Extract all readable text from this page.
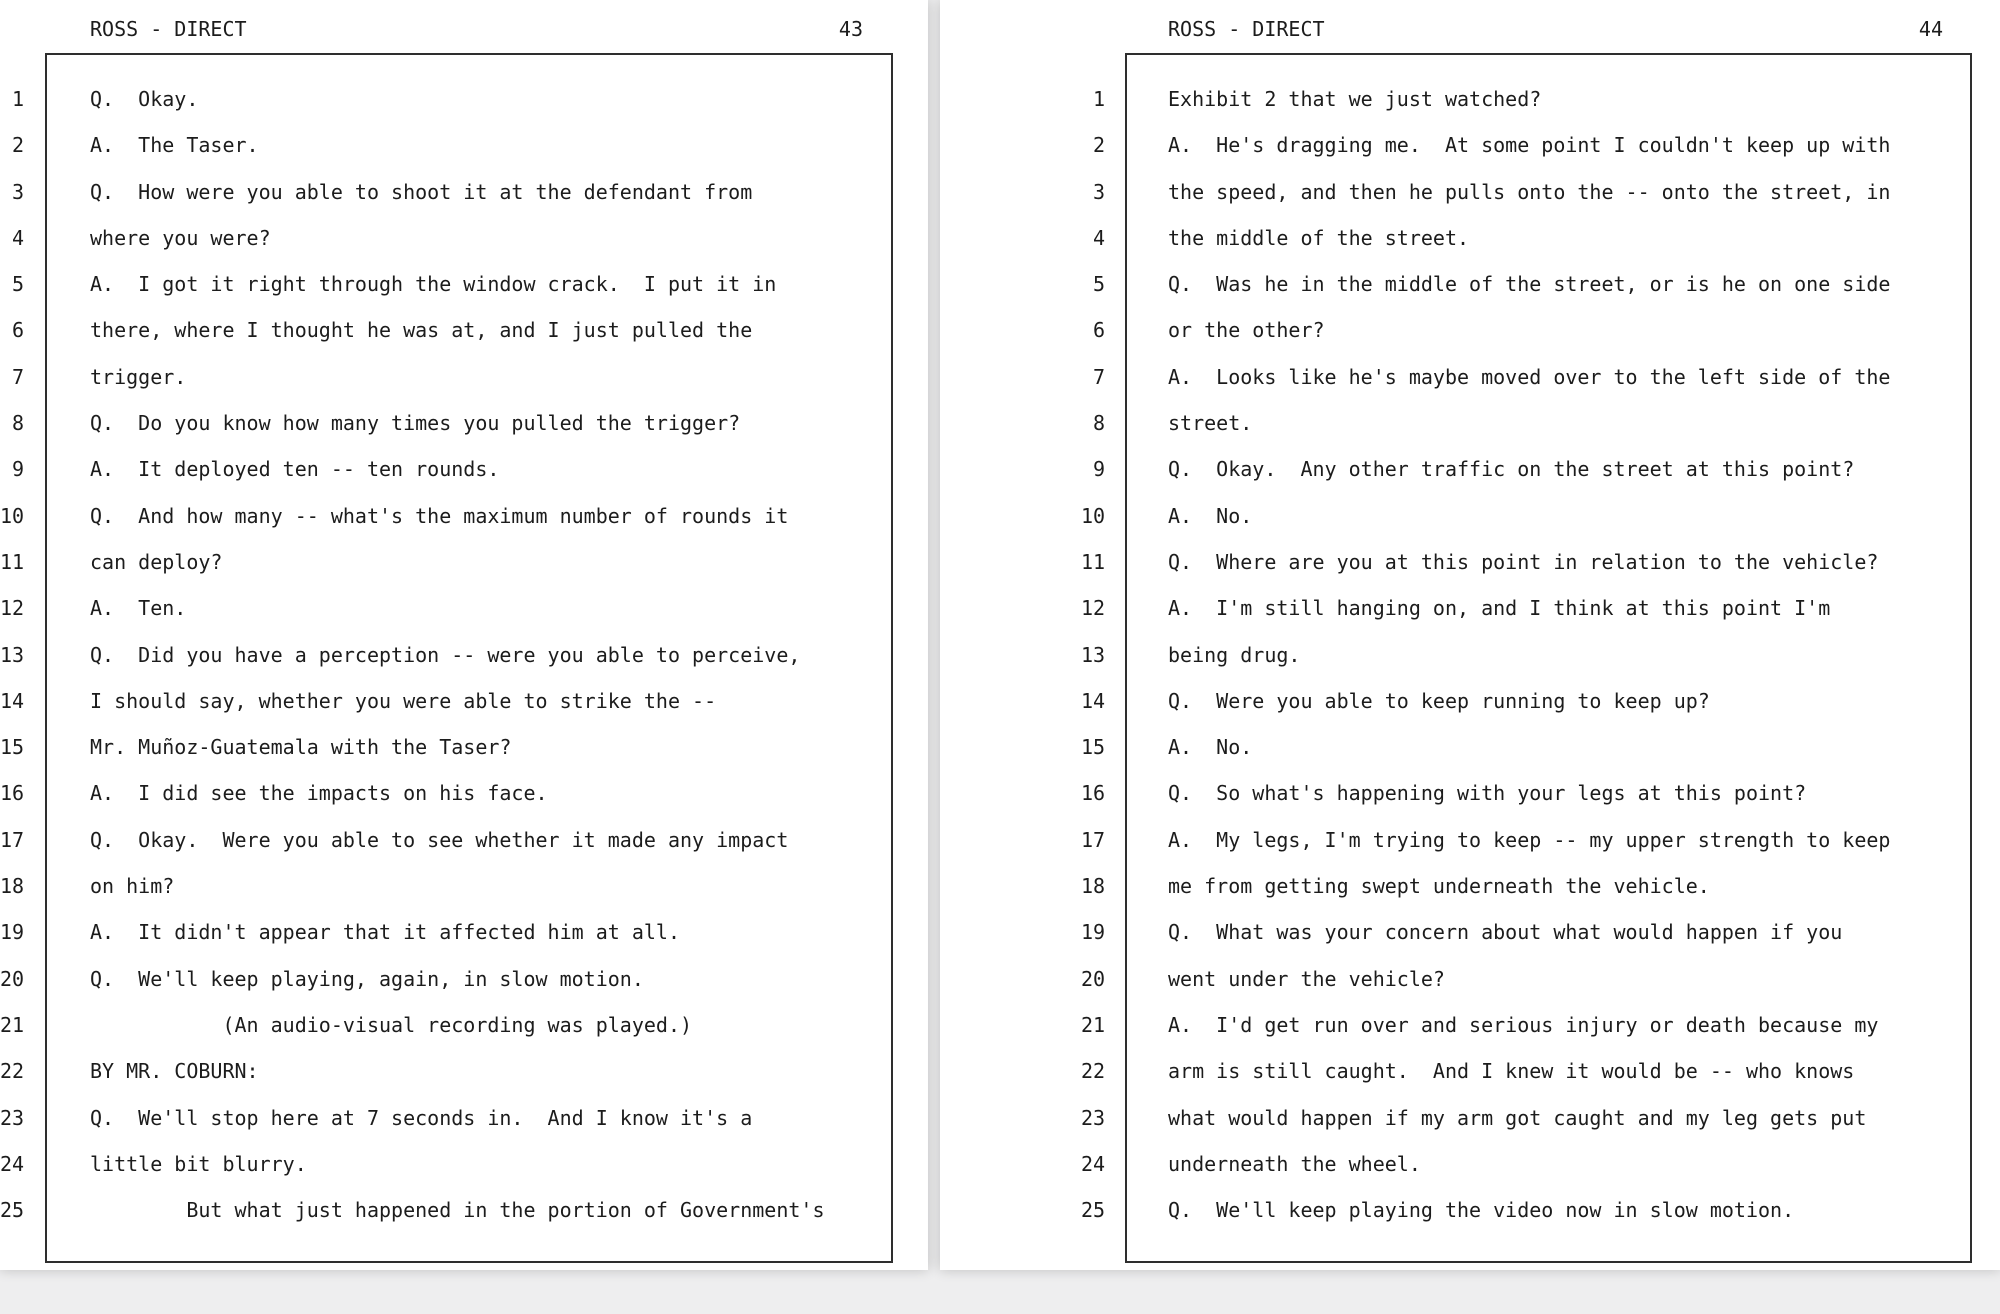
ROSS - DIRECT	43
1	Q.  Okay.
2	A.  The Taser.
3	Q.  How were you able to shoot it at the defendant from
4	where you were?
5	A.  I got it right through the window crack.  I put it in
6	there, where I thought he was at, and I just pulled the
7	trigger.
8	Q.  Do you know how many times you pulled the trigger?
9	A.  It deployed ten -- ten rounds.
10	Q.  And how many -- what's the maximum number of rounds it
11	can deploy?
12	A.  Ten.
13	Q.  Did you have a perception -- were you able to perceive,
14	I should say, whether you were able to strike the --
15	Mr. Muñoz-Guatemala with the Taser?
16	A.  I did see the impacts on his face.
17	Q.  Okay.  Were you able to see whether it made any impact
18	on him?
19	A.  It didn't appear that it affected him at all.
20	Q.  We'll keep playing, again, in slow motion.
21	(An audio-visual recording was played.)
22	BY MR. COBURN:
23	Q.  We'll stop here at 7 seconds in.  And I know it's a
24	little bit blurry.
25	But what just happened in the portion of Government's
ROSS - DIRECT	44
1	Exhibit 2 that we just watched?
2	A.  He's dragging me.  At some point I couldn't keep up with
3	the speed, and then he pulls onto the -- onto the street, in
4	the middle of the street.
5	Q.  Was he in the middle of the street, or is he on one side
6	or the other?
7	A.  Looks like he's maybe moved over to the left side of the
8	street.
9	Q.  Okay.  Any other traffic on the street at this point?
10	A.  No.
11	Q.  Where are you at this point in relation to the vehicle?
12	A.  I'm still hanging on, and I think at this point I'm
13	being drug.
14	Q.  Were you able to keep running to keep up?
15	A.  No.
16	Q.  So what's happening with your legs at this point?
17	A.  My legs, I'm trying to keep -- my upper strength to keep
18	me from getting swept underneath the vehicle.
19	Q.  What was your concern about what would happen if you
20	went under the vehicle?
21	A.  I'd get run over and serious injury or death because my
22	arm is still caught.  And I knew it would be -- who knows
23	what would happen if my arm got caught and my leg gets put
24	underneath the wheel.
25	Q.  We'll keep playing the video now in slow motion.
